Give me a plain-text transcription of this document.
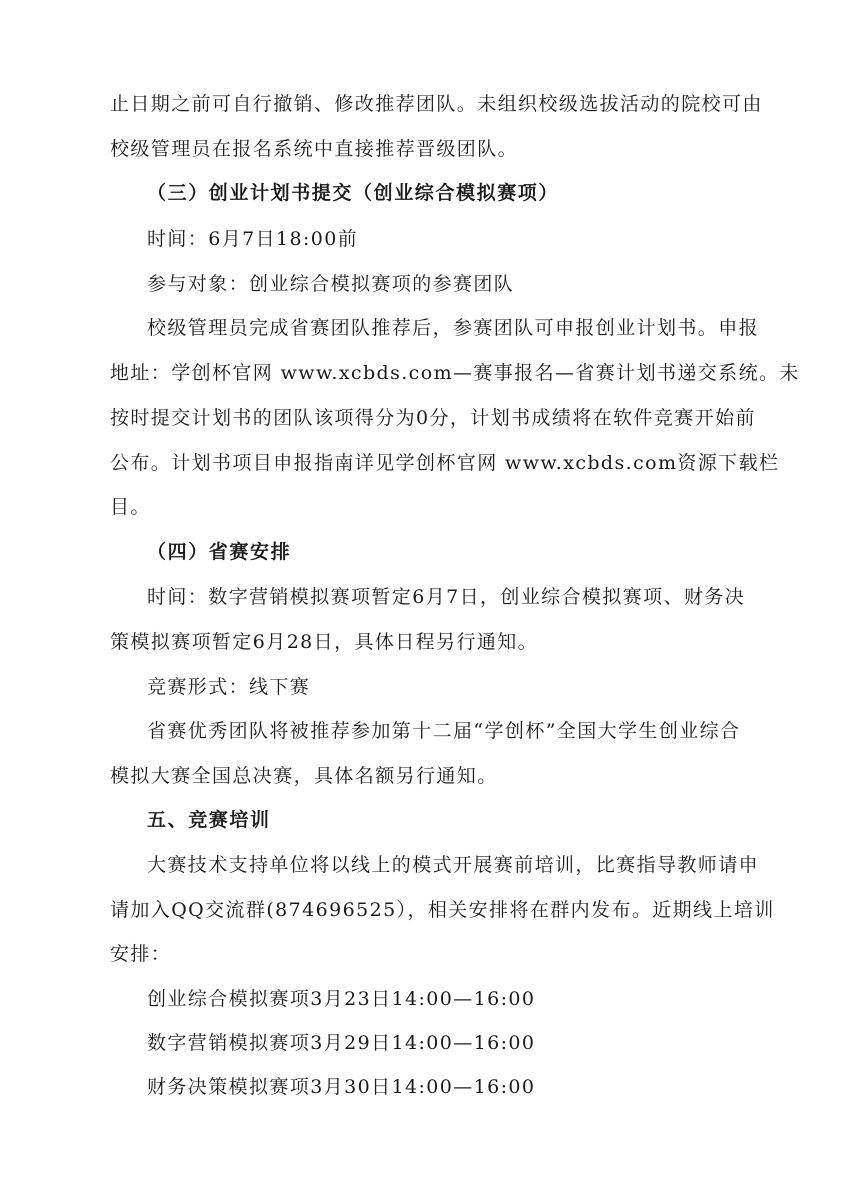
止日期之前可自行撤销、修改推荐团队。未组织校级选拔活动的院校可由
校级管理员在报名系统中直接推荐晋级团队。
（三）创业计划书提交（创业综合模拟赛项）
时间：6月7日18:00前
参与对象：创业综合模拟赛项的参赛团队
校级管理员完成省赛团队推荐后，参赛团队可申报创业计划书。申报
地址：学创杯官网 www.xcbds.com—赛事报名—省赛计划书递交系统。未
按时提交计划书的团队该项得分为0分，计划书成绩将在软件竞赛开始前
公布。计划书项目申报指南详见学创杯官网 www.xcbds.com资源下载栏
目。
（四）省赛安排
时间：数字营销模拟赛项暂定6月7日，创业综合模拟赛项、财务决
策模拟赛项暂定6月28日，具体日程另行通知。
竞赛形式：线下赛
省赛优秀团队将被推荐参加第十二届“学创杯”全国大学生创业综合
模拟大赛全国总决赛，具体名额另行通知。
五、竞赛培训
大赛技术支持单位将以线上的模式开展赛前培训，比赛指导教师请申
请加入QQ交流群(874696525），相关安排将在群内发布。近期线上培训
安排：
创业综合模拟赛项3月23日14:00—16:00
数字营销模拟赛项3月29日14:00—16:00
财务决策模拟赛项3月30日14:00—16:00
